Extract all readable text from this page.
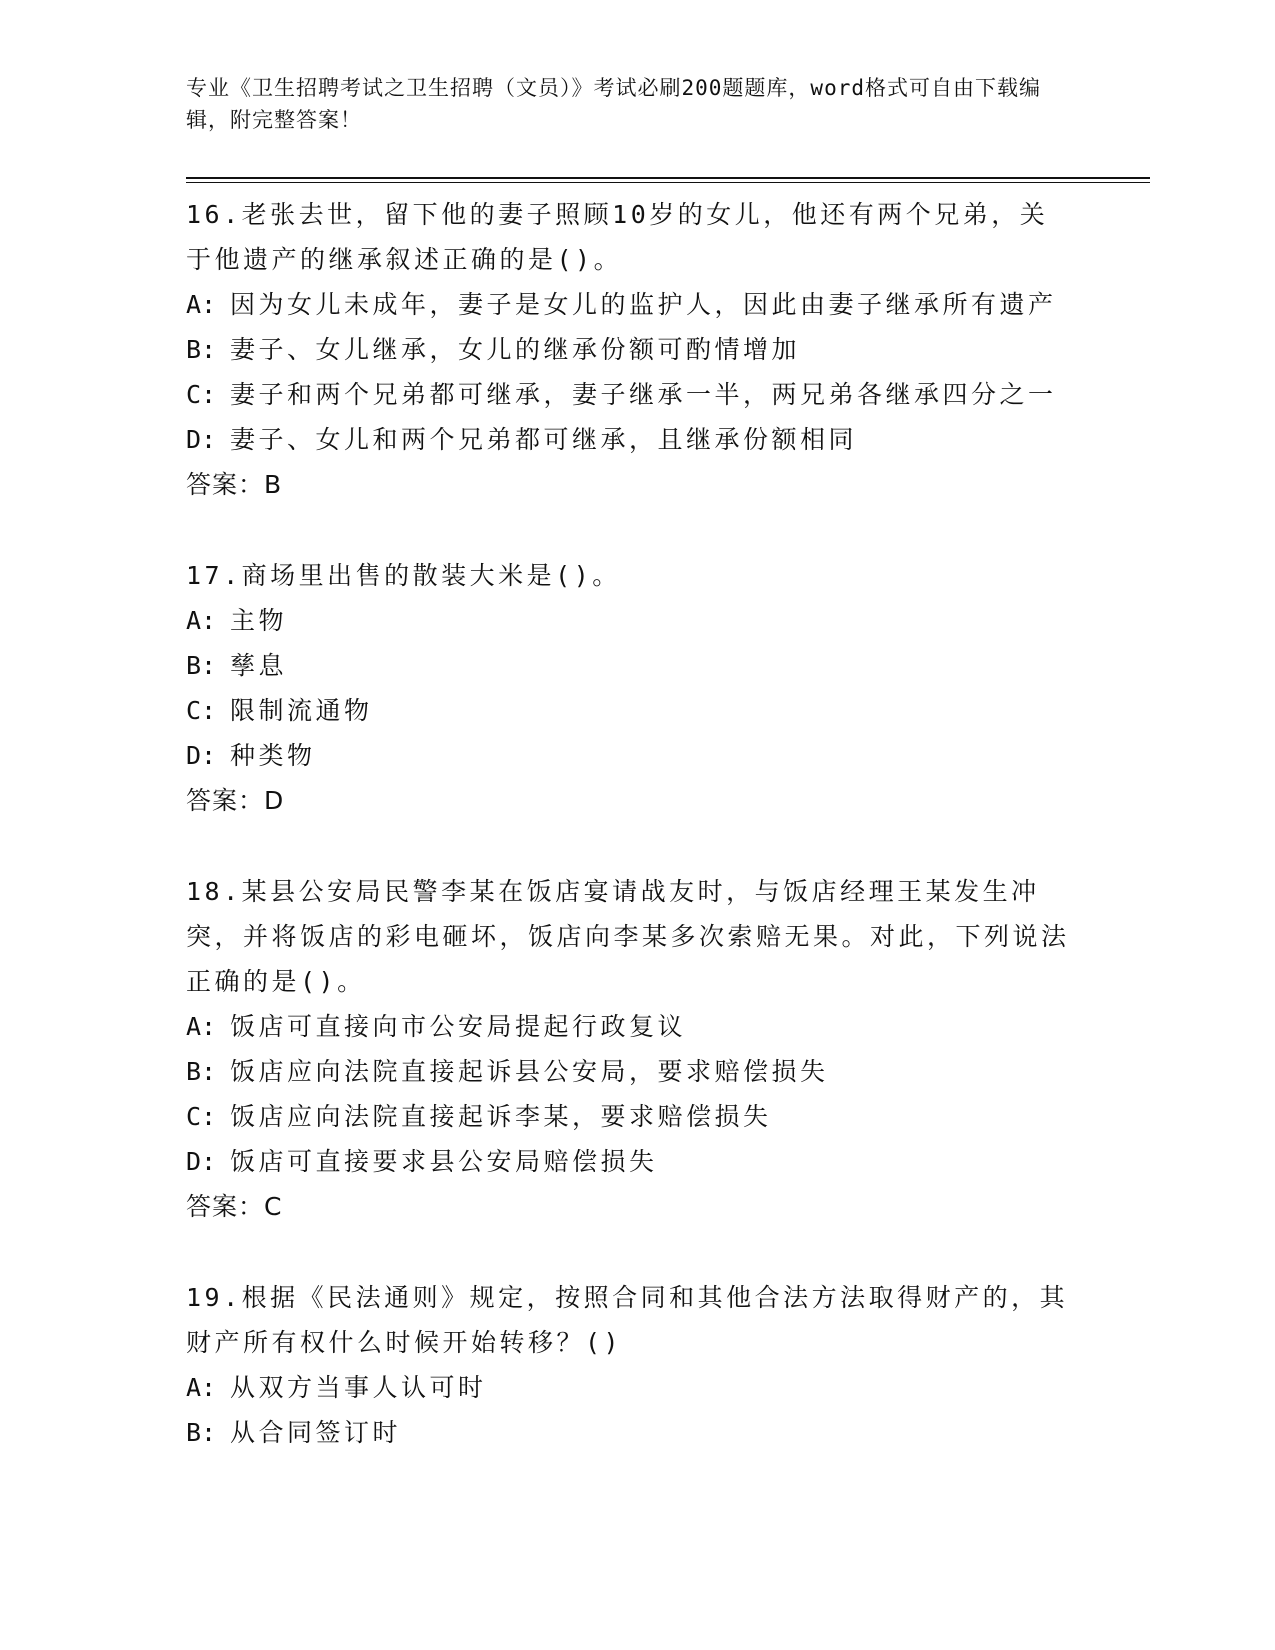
专业《卫生招聘考试之卫生招聘（文员）》考试必刷200题题库，word格式可自由下载编辑，附完整答案！
16.老张去世，留下他的妻子照顾10岁的女儿，他还有两个兄弟，关于他遗产的继承叙述正确的是()。
A: 因为女儿未成年，妻子是女儿的监护人，因此由妻子继承所有遗产
B: 妻子、女儿继承，女儿的继承份额可酌情增加
C: 妻子和两个兄弟都可继承，妻子继承一半，两兄弟各继承四分之一
D: 妻子、女儿和两个兄弟都可继承，且继承份额相同
答案：B
17.商场里出售的散装大米是()。
A: 主物
B: 孳息
C: 限制流通物
D: 种类物
答案：D
18.某县公安局民警李某在饭店宴请战友时，与饭店经理王某发生冲突，并将饭店的彩电砸坏，饭店向李某多次索赔无果。对此，下列说法正确的是()。
A: 饭店可直接向市公安局提起行政复议
B: 饭店应向法院直接起诉县公安局，要求赔偿损失
C: 饭店应向法院直接起诉李某，要求赔偿损失
D: 饭店可直接要求县公安局赔偿损失
答案：C
19.根据《民法通则》规定，按照合同和其他合法方法取得财产的，其财产所有权什么时候开始转移？()
A: 从双方当事人认可时
B: 从合同签订时
